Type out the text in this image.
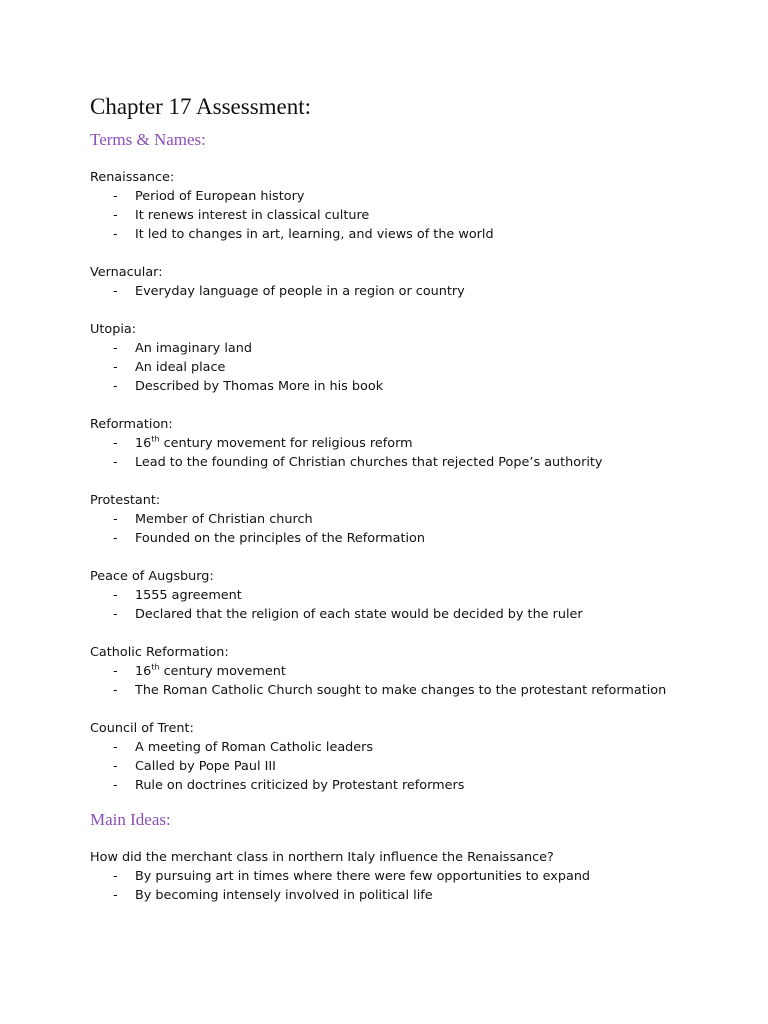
Chapter 17 Assessment:
Terms & Names:
Renaissance:
- Period of European history
- It renews interest in classical culture
- It led to changes in art, learning, and views of the world
Vernacular:
- Everyday language of people in a region or country
Utopia:
- An imaginary land
- An ideal place
- Described by Thomas More in his book
Reformation:
- 16th century movement for religious reform
- Lead to the founding of Christian churches that rejected Pope’s authority
Protestant:
- Member of Christian church
- Founded on the principles of the Reformation
Peace of Augsburg:
- 1555 agreement
- Declared that the religion of each state would be decided by the ruler
Catholic Reformation:
- 16th century movement
- The Roman Catholic Church sought to make changes to the protestant reformation
Council of Trent:
- A meeting of Roman Catholic leaders
- Called by Pope Paul III
- Rule on doctrines criticized by Protestant reformers
Main Ideas:
How did the merchant class in northern Italy influence the Renaissance?
- By pursuing art in times where there were few opportunities to expand
- By becoming intensely involved in political life
